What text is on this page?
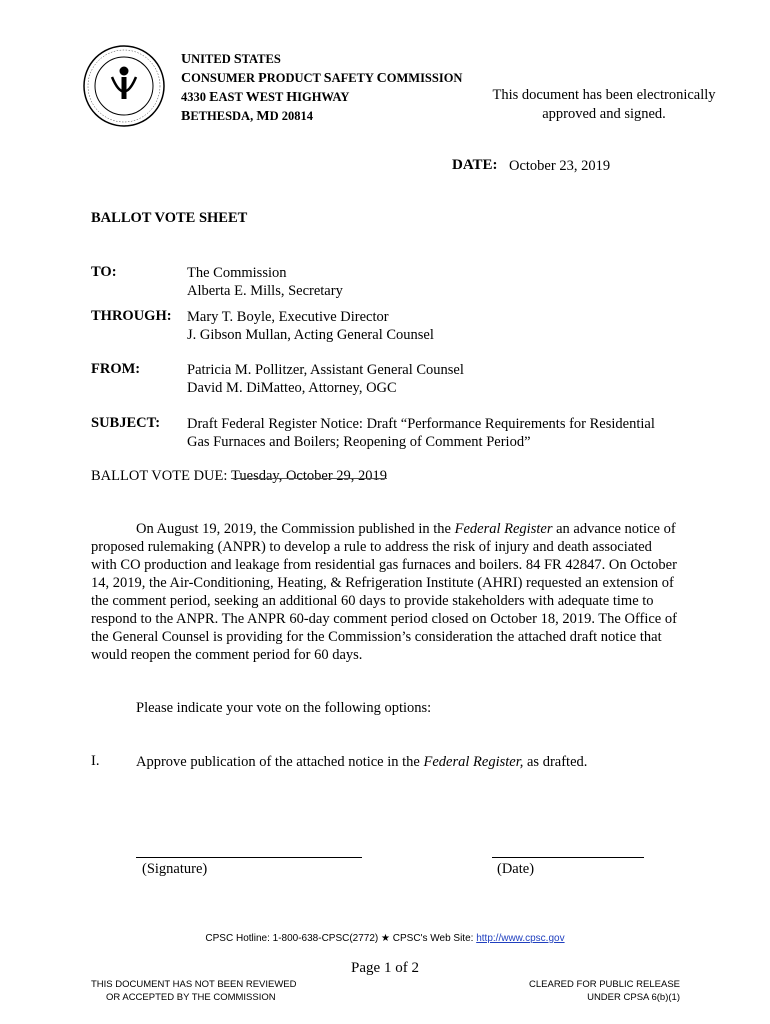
UNITED STATES
CONSUMER PRODUCT SAFETY COMMISSION
4330 EAST WEST HIGHWAY
BETHESDA, MD 20814
This document has been electronically
approved and signed.
DATE: October 23, 2019
BALLOT VOTE SHEET
TO:	The Commission
Alberta E. Mills, Secretary
THROUGH: Mary T. Boyle, Executive Director
J. Gibson Mullan, Acting General Counsel
FROM:	Patricia M. Pollitzer, Assistant General Counsel
David M. DiMatteo, Attorney, OGC
SUBJECT: Draft Federal Register Notice: Draft “Performance Requirements for Residential
Gas Furnaces and Boilers; Reopening of Comment Period”
BALLOT VOTE DUE: Tuesday, October 29, 2019

On August 19, 2019, the Commission published in the Federal Register an advance notice of proposed rulemaking (ANPR) to develop a rule to address the risk of injury and death associated with CO production and leakage from residential gas furnaces and boilers. 84 FR 42847. On October 14, 2019, the Air-Conditioning, Heating, & Refrigeration Institute (AHRI) requested an extension of the comment period, seeking an additional 60 days to provide stakeholders with adequate time to respond to the ANPR. The ANPR 60-day comment period closed on October 18, 2019. The Office of the General Counsel is providing for the Commission’s consideration the attached draft notice that would reopen the comment period for 60 days.

Please indicate your vote on the following options:
I.	Approve publication of the attached notice in the Federal Register, as drafted.
(Signature)	(Date)
CPSC Hotline: 1-800-638-CPSC(2772) ★ CPSC's Web Site: http://www.cpsc.gov
Page 1 of 2
THIS DOCUMENT HAS NOT BEEN REVIEWED
OR ACCEPTED BY THE COMMISSION
CLEARED FOR PUBLIC RELEASE
UNDER CPSA 6(b)(1)
